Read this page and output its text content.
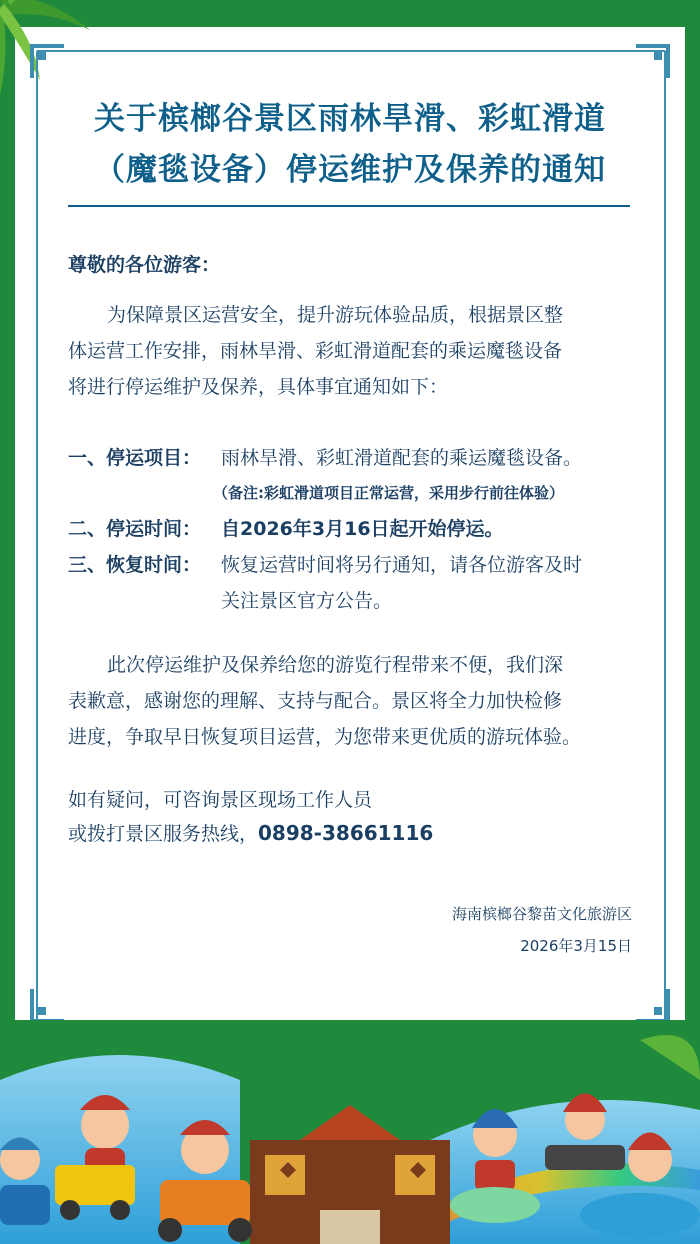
关于槟榔谷景区雨林旱滑、彩虹滑道
（魔毯设备）停运维护及保养的通知
尊敬的各位游客：
为保障景区运营安全，提升游玩体验品质，根据景区整
体运营工作安排，雨林旱滑、彩虹滑道配套的乘运魔毯设备
将进行停运维护及保养，具体事宜通知如下：
一、停运项目： 雨林旱滑、彩虹滑道配套的乘运魔毯设备。
（备注:彩虹滑道项目正常运营，采用步行前往体验）
二、停运时间： 自2026年3月16日起开始停运。
三、恢复时间： 恢复运营时间将另行通知，请各位游客及时
关注景区官方公告。
此次停运维护及保养给您的游览行程带来不便，我们深
表歉意，感谢您的理解、支持与配合。景区将全力加快检修
进度，争取早日恢复项目运营，为您带来更优质的游玩体验。
如有疑问，可咨询景区现场工作人员
或拨打景区服务热线，0898-38661116
海南槟榔谷黎苗文化旅游区
2026年3月15日
